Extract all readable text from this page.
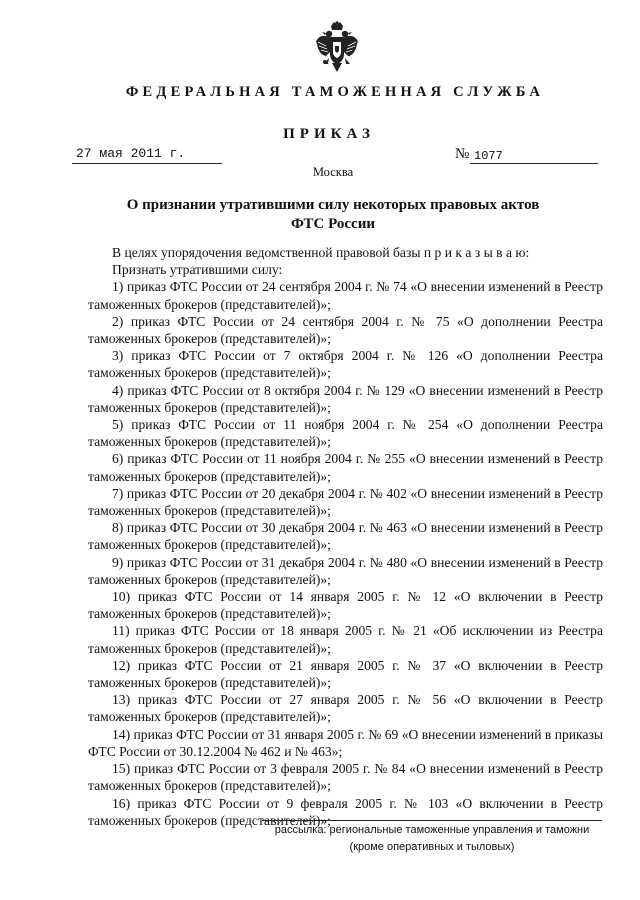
ФЕДЕРАЛЬНАЯ ТАМОЖЕННАЯ СЛУЖБА
ПРИКАЗ
27 мая 2011 г.	№ 1077
Москва
О признании утратившими силу некоторых правовых актов
ФТС России

В целях упорядочения ведомственной правовой базы п р и к а з ы в а ю:

Признать утратившими силу:

1) приказ ФТС России от 24 сентября 2004 г. № 74 «О внесении изменений в Реестр таможенных брокеров (представителей)»;
2) приказ ФТС России от 24 сентября 2004 г. № 75 «О дополнении Реестра таможенных брокеров (представителей)»;
3) приказ ФТС России от 7 октября 2004 г. № 126 «О дополнении Реестра таможенных брокеров (представителей)»;
4) приказ ФТС России от 8 октября 2004 г. № 129 «О внесении изменений в Реестр таможенных брокеров (представителей)»;
5) приказ ФТС России от 11 ноября 2004 г. № 254 «О дополнении Реестра таможенных брокеров (представителей)»;
6) приказ ФТС России от 11 ноября 2004 г. № 255 «О внесении изменений в Реестр таможенных брокеров (представителей)»;
7) приказ ФТС России от 20 декабря 2004 г. № 402 «О внесении изменений в Реестр таможенных брокеров (представителей)»;
8) приказ ФТС России от 30 декабря 2004 г. № 463 «О внесении изменений в Реестр таможенных брокеров (представителей)»;
9) приказ ФТС России от 31 декабря 2004 г. № 480 «О внесении изменений в Реестр таможенных брокеров (представителей)»;
10) приказ ФТС России от 14 января 2005 г. № 12 «О включении в Реестр таможенных брокеров (представителей)»;
11) приказ ФТС России от 18 января 2005 г. № 21 «Об исключении из Реестра таможенных брокеров (представителей)»;
12) приказ ФТС России от 21 января 2005 г. № 37 «О включении в Реестр таможенных брокеров (представителей)»;
13) приказ ФТС России от 27 января 2005 г. № 56 «О включении в Реестр таможенных брокеров (представителей)»;
14) приказ ФТС России от 31 января 2005 г. № 69 «О внесении изменений в приказы ФТС России от 30.12.2004 № 462 и № 463»;
15) приказ ФТС России от 3 февраля 2005 г. № 84 «О внесении изменений в Реестр таможенных брокеров (представителей)»;
16) приказ ФТС России от 9 февраля 2005 г. № 103 «О включении в Реестр таможенных брокеров (представителей)»;
рассылка: региональные таможенные управления и таможни
(кроме оперативных и тыловых)
